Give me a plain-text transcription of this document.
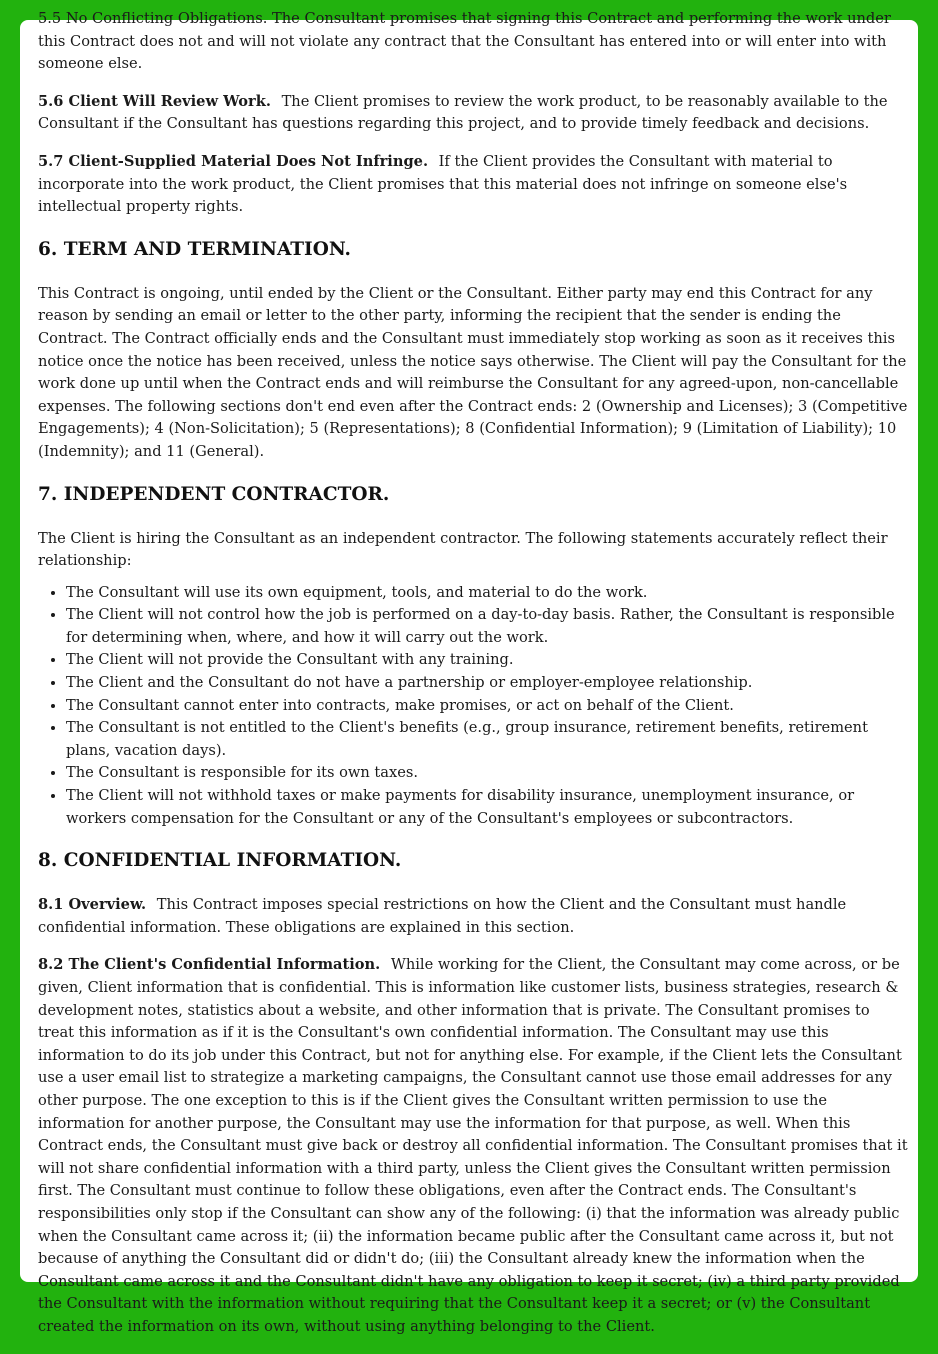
5.5 No Conflicting Obligations. The Consultant promises that signing this Contract and performing the work under

this Contract does not and will not violate any contract that the Consultant has entered into or will enter into with someone else.

5.6 Client Will Review Work. The Client promises to review the work product, to be reasonably available to the Consultant if the Consultant has questions regarding this project, and to provide timely feedback and decisions.

5.7 Client-Supplied Material Does Not Infringe. If the Client provides the Consultant with material to incorporate into the work product, the Client promises that this material does not infringe on someone else's intellectual property rights.

6. TERM AND TERMINATION.

This Contract is ongoing, until ended by the Client or the Consultant. Either party may end this Contract for any reason by sending an email or letter to the other party, informing the recipient that the sender is ending the Contract. The Contract officially ends and the Consultant must immediately stop working as soon as it receives this notice once the notice has been received, unless the notice says otherwise. The Client will pay the Consultant for the work done up until when the Contract ends and will reimburse the Consultant for any agreed-upon, non-cancellable expenses. The following sections don't end even after the Contract ends: 2 (Ownership and Licenses); 3 (Competitive Engagements); 4 (Non-Solicitation); 5 (Representations); 8 (Confidential Information); 9 (Limitation of Liability); 10 (Indemnity); and 11 (General).

7. INDEPENDENT CONTRACTOR.

The Client is hiring the Consultant as an independent contractor. The following statements accurately reflect their relationship:

• The Consultant will use its own equipment, tools, and material to do the work.
• The Client will not control how the job is performed on a day-to-day basis. Rather, the Consultant is responsible for determining when, where, and how it will carry out the work.
• The Client will not provide the Consultant with any training.
• The Client and the Consultant do not have a partnership or employer-employee relationship.
• The Consultant cannot enter into contracts, make promises, or act on behalf of the Client.
• The Consultant is not entitled to the Client's benefits (e.g., group insurance, retirement benefits, retirement plans, vacation days).
• The Consultant is responsible for its own taxes.
• The Client will not withhold taxes or make payments for disability insurance, unemployment insurance, or workers compensation for the Consultant or any of the Consultant's employees or subcontractors.
8. CONFIDENTIAL INFORMATION.

8.1 Overview. This Contract imposes special restrictions on how the Client and the Consultant must handle confidential information. These obligations are explained in this section.

8.2 The Client's Confidential Information. While working for the Client, the Consultant may come across, or be given, Client information that is confidential. This is information like customer lists, business strategies, research & development notes, statistics about a website, and other information that is private. The Consultant promises to treat this information as if it is the Consultant's own confidential information. The Consultant may use this information to do its job under this Contract, but not for anything else. For example, if the Client lets the Consultant use a user email list to strategize a marketing campaigns, the Consultant cannot use those email addresses for any other purpose. The one exception to this is if the Client gives the Consultant written permission to use the information for another purpose, the Consultant may use the information for that purpose, as well. When this Contract ends, the Consultant must give back or destroy all confidential information. The Consultant promises that it will not share confidential information with a third party, unless the Client gives the Consultant written permission first. The Consultant must continue to follow these obligations, even after the Contract ends. The Consultant's responsibilities only stop if the Consultant can show any of the following: (i) that the information was already public when the Consultant came across it; (ii) the information became public after the Consultant came across it, but not because of anything the Consultant did or didn't do; (iii) the Consultant already knew the information when the Consultant came across it and the Consultant didn't have any obligation to keep it secret; (iv) a third party provided the Consultant with the information without requiring that the Consultant keep it a secret; or (v) the Consultant created the information on its own, without using anything belonging to the Client.
